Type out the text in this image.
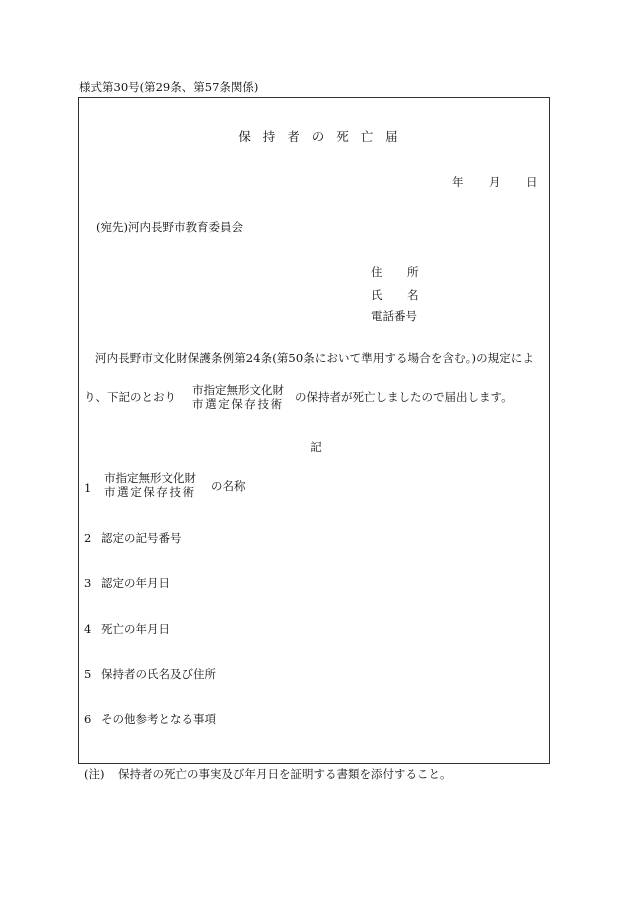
様式第30号(第29条、第57条関係)
保 持 者 の 死 亡 届
年 月 日
(宛先)河内長野市教育委員会
住 所
氏 名
電話番号
河内長野市文化財保護条例第24条(第50条において準用する場合を含む。)の規定によ
り、下記のとおり 市指定無形文化財
市選定保存技術
の保持者が死亡しましたので届出します。
記
1
市指定無形文化財
市選定保存技術 の名称
2 認定の記号番号
3 認定の年月日
4 死亡の年月日
5 保持者の氏名及び住所
6 その他参考となる事項
(注) 保持者の死亡の事実及び年月日を証明する書類を添付すること。
